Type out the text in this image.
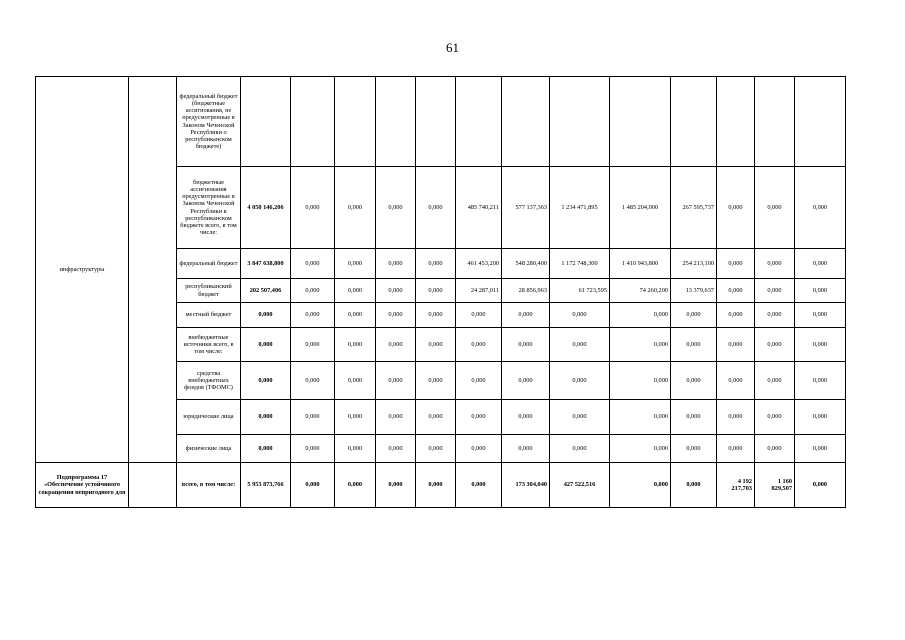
61
инфраструктуры		федеральный бюджет (бюджетные ассигнования, не предусмотренные в Законом Чеченской Республики о республиканском бюджете)													
		бюджетные ассигнования предусмотренные в Законом Чеченской Республики в республиканском бюджете всего, в том числе:	4 050 146,206	0,000	0,000	0,000	0,000	485 740,211	577 137,363	1 234 471,895	1 485 204,000	267 595,737	0,000	0,000	0,000
		федеральный бюджет	3 847 638,800	0,000	0,000	0,000	0,000	461 453,200	548 280,400	1 172 748,300	1 410 943,800	254 213,100	0,000	0,000	0,000
		республиканский бюджет	202 507,406	0,000	0,000	0,000	0,000	24 287,011	28 856,963	61 723,595	74 260,200	13 379,637	0,000	0,000	0,000
		местный бюджет	0,000	0,000	0,000	0,000	0,000	0,000	0,000	0,000	0,000	0,000	0,000	0,000	0,000
		внебюджетные источники всего, в том числе:	0,000	0,000	0,000	0,000	0,000	0,000	0,000	0,000	0,000	0,000	0,000	0,000	0,000
		средства внебюджетных фондов (ТФОМС)	0,000	0,000	0,000	0,000	0,000	0,000	0,000	0,000	0,000	0,000	0,000	0,000	0,000
		юридические лица	0,000	0,000	0,000	0,000	0,000	0,000	0,000	0,000	0,000	0,000	0,000	0,000	0,000
		физические лица	0,000	0,000	0,000	0,000	0,000	0,000	0,000	0,000	0,000	0,000	0,000	0,000	0,000
Подпрограмма 17 «Обеспечение устойчивого сокращения непригодного для		всего, в том числе:	5 953 873,766	0,000	0,000	0,000	0,000	0,000	173 304,040	427 522,516	0,000	0,000	4 192 217,703	1 160 829,507	0,000
